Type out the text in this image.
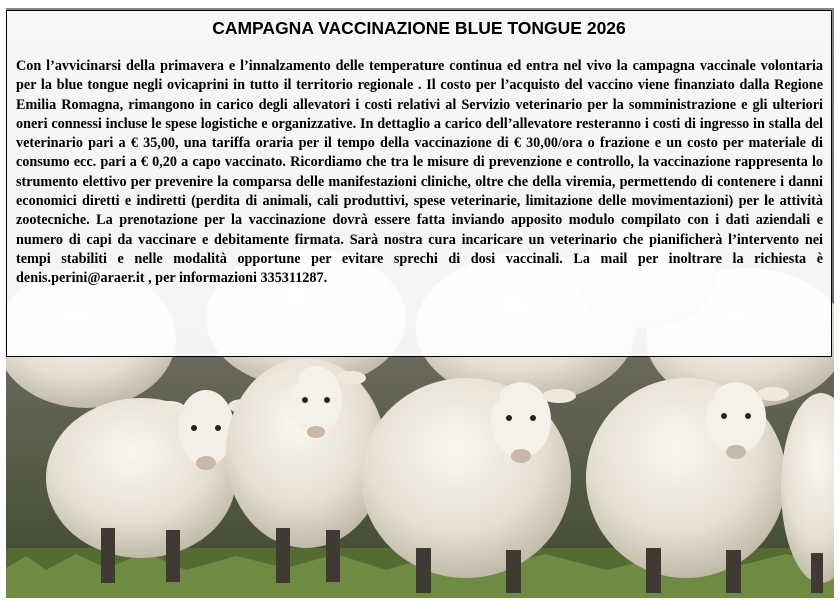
CAMPAGNA VACCINAZIONE BLUE TONGUE 2026

Con l’avvicinarsi della primavera e l’innalzamento delle temperature continua ed entra nel vivo la campagna vaccinale volontaria per la blue tongue negli ovicaprini in tutto il territorio regionale . Il costo per l’acquisto del vaccino viene finanziato dalla Regione Emilia Romagna, rimangono in carico degli allevatori i costi relativi al Servizio veterinario per la somministrazione e gli ulteriori oneri connessi incluse le spese logistiche e organizzative. In dettaglio a carico dell’allevatore resteranno i costi di ingresso in stalla del veterinario pari a € 35,00, una tariffa oraria per il tempo della vaccinazione di € 30,00/ora o frazione e un costo per materiale di consumo ecc. pari a € 0,20 a capo vaccinato. Ricordiamo che tra le misure di prevenzione e controllo, la vaccinazione rappresenta lo strumento elettivo per prevenire la comparsa delle manifestazioni cliniche, oltre che della viremia, permettendo di contenere i danni economici diretti e indiretti (perdita di animali, cali produttivi, spese veterinarie, limitazione delle movimentazioni) per le attività zootecniche. La prenotazione per la vaccinazione dovrà essere fatta inviando apposito modulo compilato con i dati aziendali e numero di capi da vaccinare e debitamente firmata. Sarà nostra cura incaricare un veterinario che pianificherà l’intervento nei tempi stabiliti e nelle modalità opportune per evitare sprechi di dosi vaccinali. La mail per inoltrare la richiesta è denis.perini@araer.it , per informazioni 335311287.
